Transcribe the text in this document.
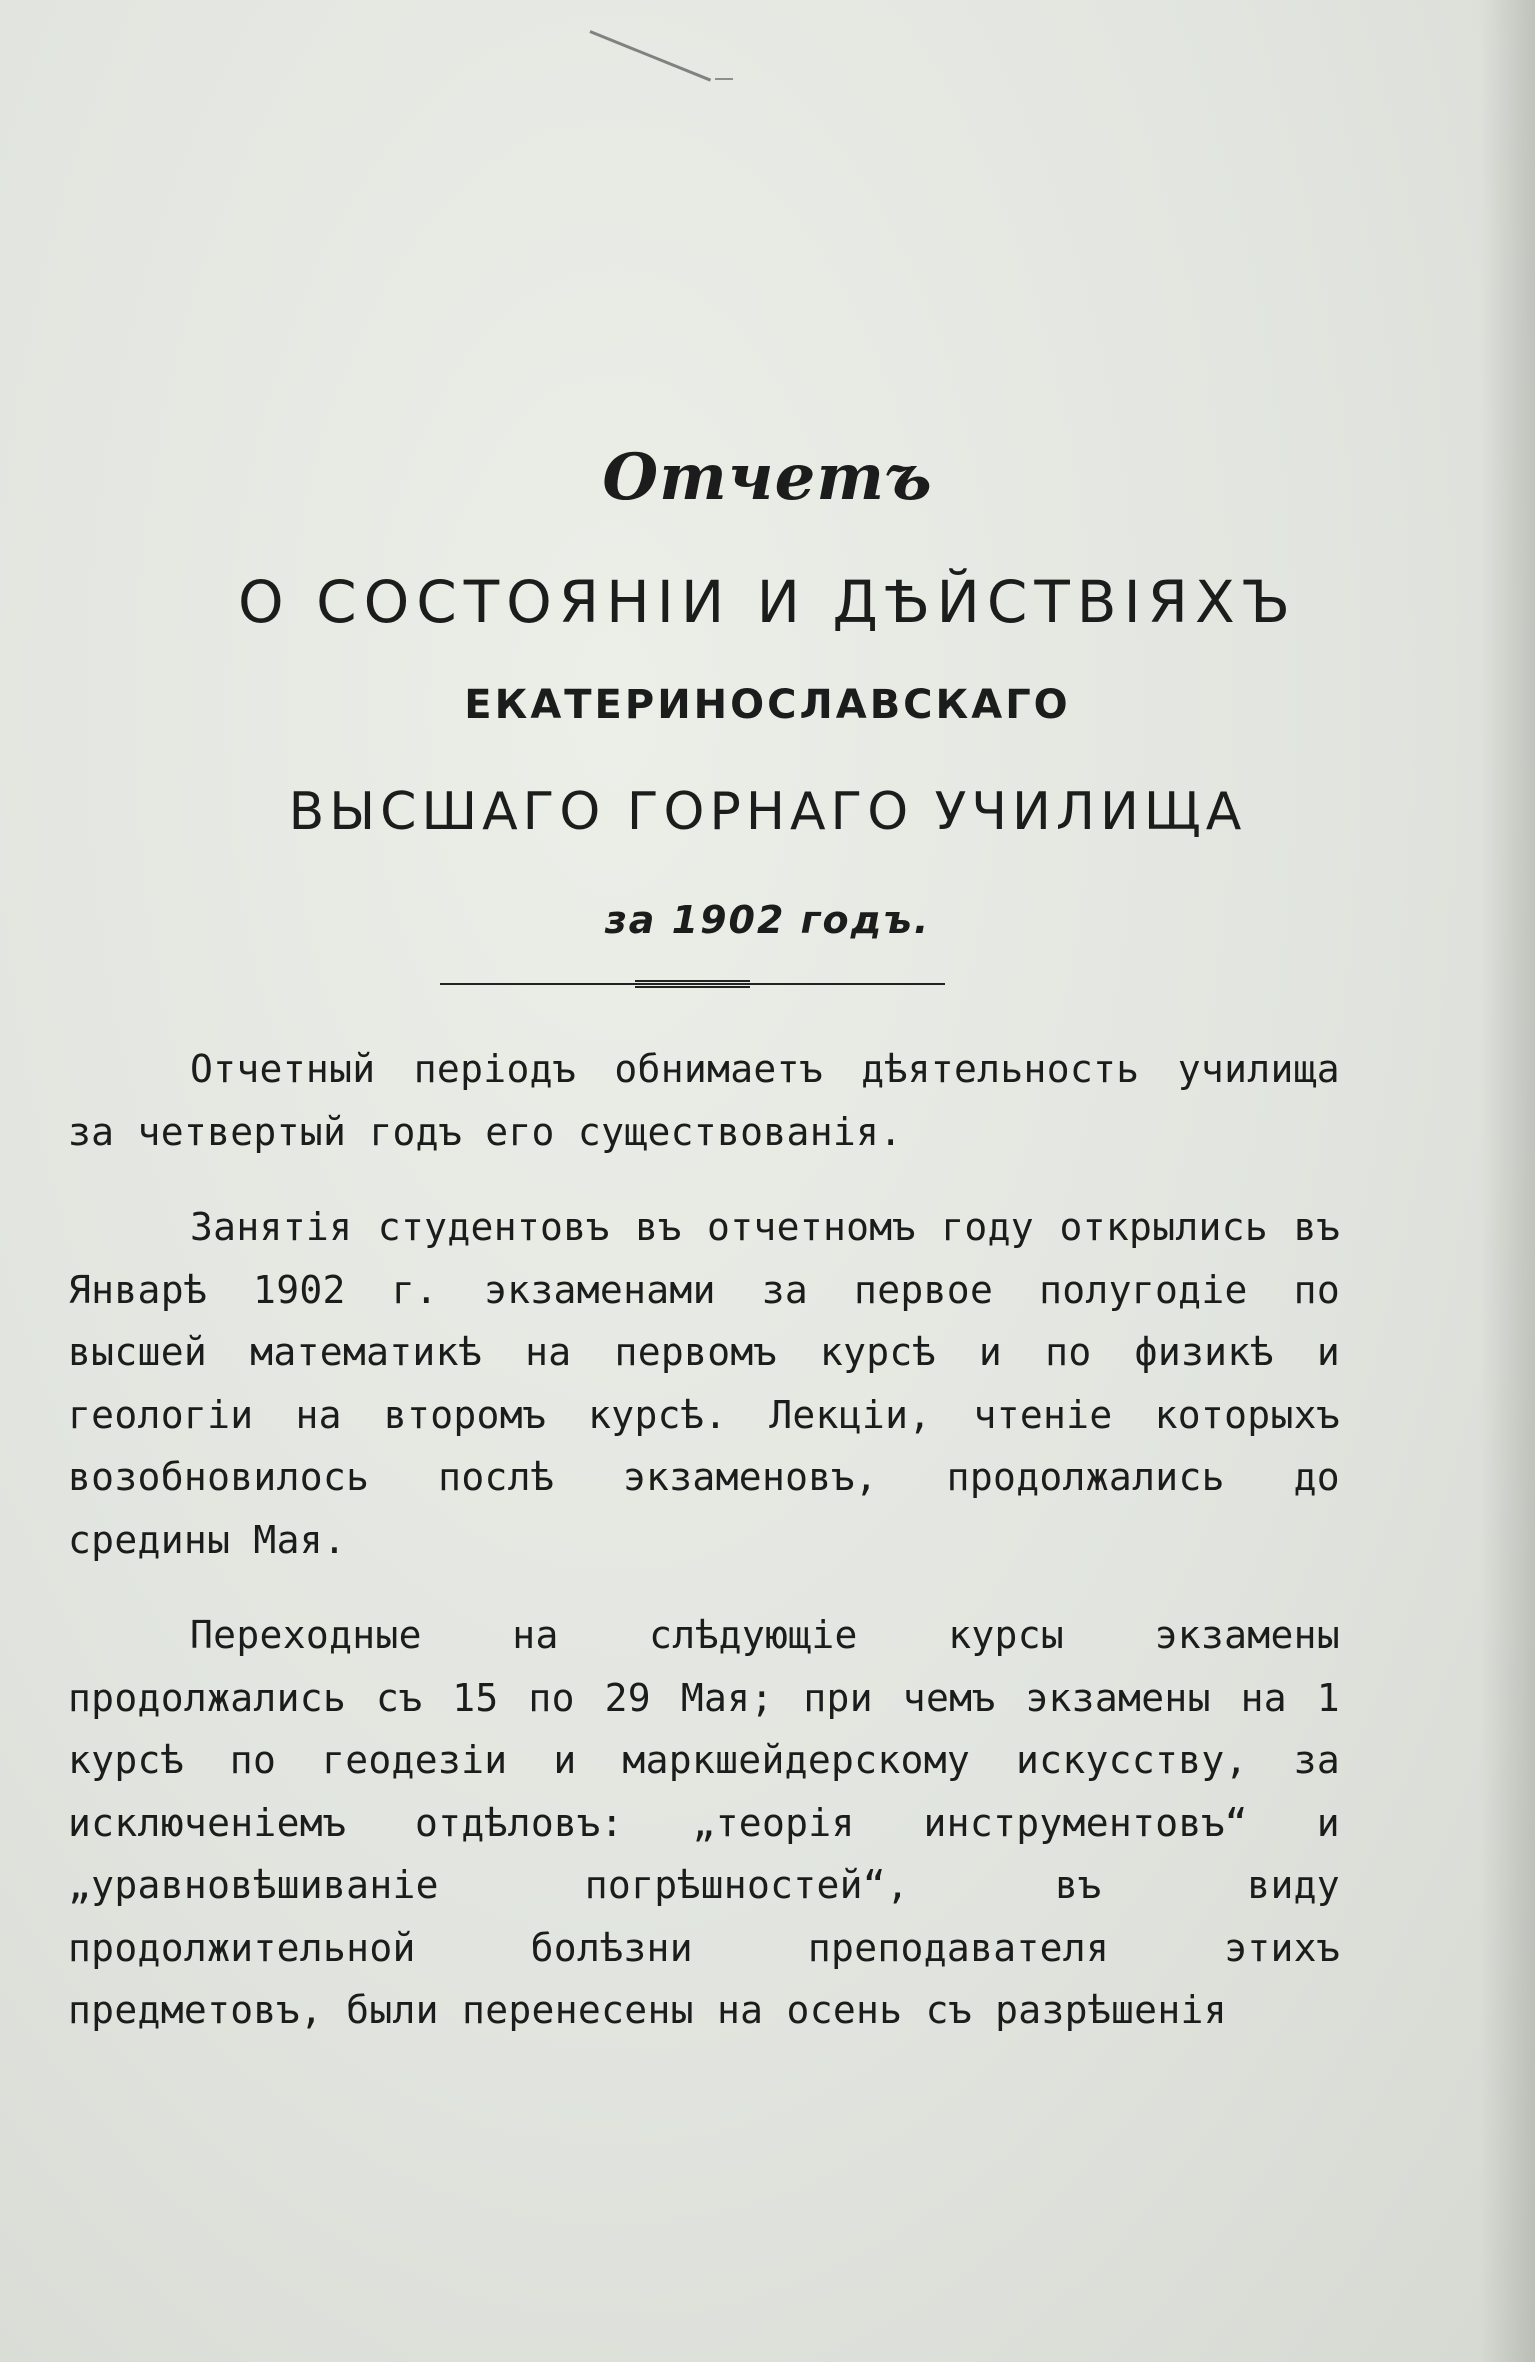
Отчетъ
О СОСТОЯНІИ И ДѢЙСТВІЯХЪ
ЕКАТЕРИНОСЛАВСКАГО
ВЫСШАГО ГОРНАГО УЧИЛИЩА
за 1902 годъ.

Отчетный періодъ обнимаетъ дѣятельность училища за четвертый годъ его существованія.

Занятія студентовъ въ отчетномъ году открылись въ Январѣ 1902 г. экзаменами за первое полугодіе по высшей математикѣ на первомъ курсѣ и по физикѣ и геологіи на второмъ курсѣ. Лекціи, чтеніе которыхъ возобновилось послѣ экзаменовъ, продолжались до средины Мая.

Переходные на слѣдующіе курсы экзамены продолжались съ 15 по 29 Мая; при чемъ экзамены на 1 курсѣ по геодезіи и маркшейдерскому искусству, за исключеніемъ отдѣловъ: „теорія инструментовъ“ и „уравновѣшиваніе погрѣшностей“, въ виду продолжительной болѣзни преподавателя этихъ предметовъ, были перенесены на осень съ разрѣшенія
